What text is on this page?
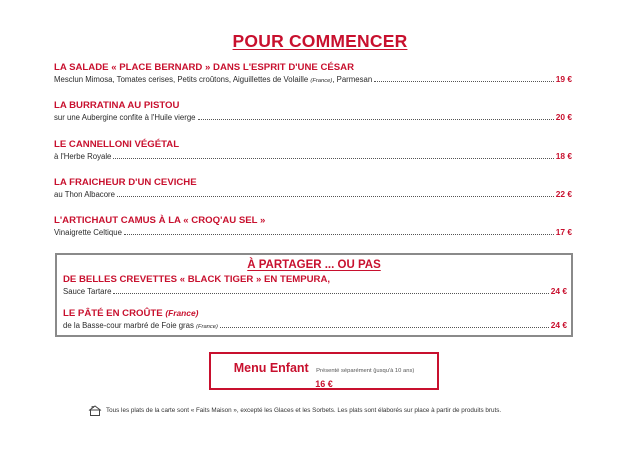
POUR COMMENCER
LA SALADE « PLACE BERNARD » DANS L'ESPRIT D'UNE CÉSAR
Mesclun Mimosa, Tomates cerises, Petits croûtons, Aiguillettes de Volaille (France), Parmesan	19 €
LA BURRATINA AU PISTOU
sur une Aubergine confite à l'Huile vierge	20 €
LE CANNELLONI VÉGÉTAL
à l'Herbe Royale	18 €
LA FRAICHEUR D'UN CEVICHE
au Thon Albacore	22 €
L'ARTICHAUT CAMUS À LA « CROQ'AU SEL »
Vinaigrette Celtique	17 €
À PARTAGER ... OU PAS
DE BELLES CREVETTES « BLACK TIGER » EN TEMPURA,
Sauce Tartare	24 €
LE PÂTÉ EN CROÛTE (France)
de la Basse-cour marbré de Foie gras (France)	24 €
Menu Enfant Présenté séparément (jusqu'à 10 ans)
16 €
Tous les plats de la carte sont « Faits Maison », excepté les Glaces et les Sorbets. Les plats sont élaborés sur place à partir de produits bruts.
